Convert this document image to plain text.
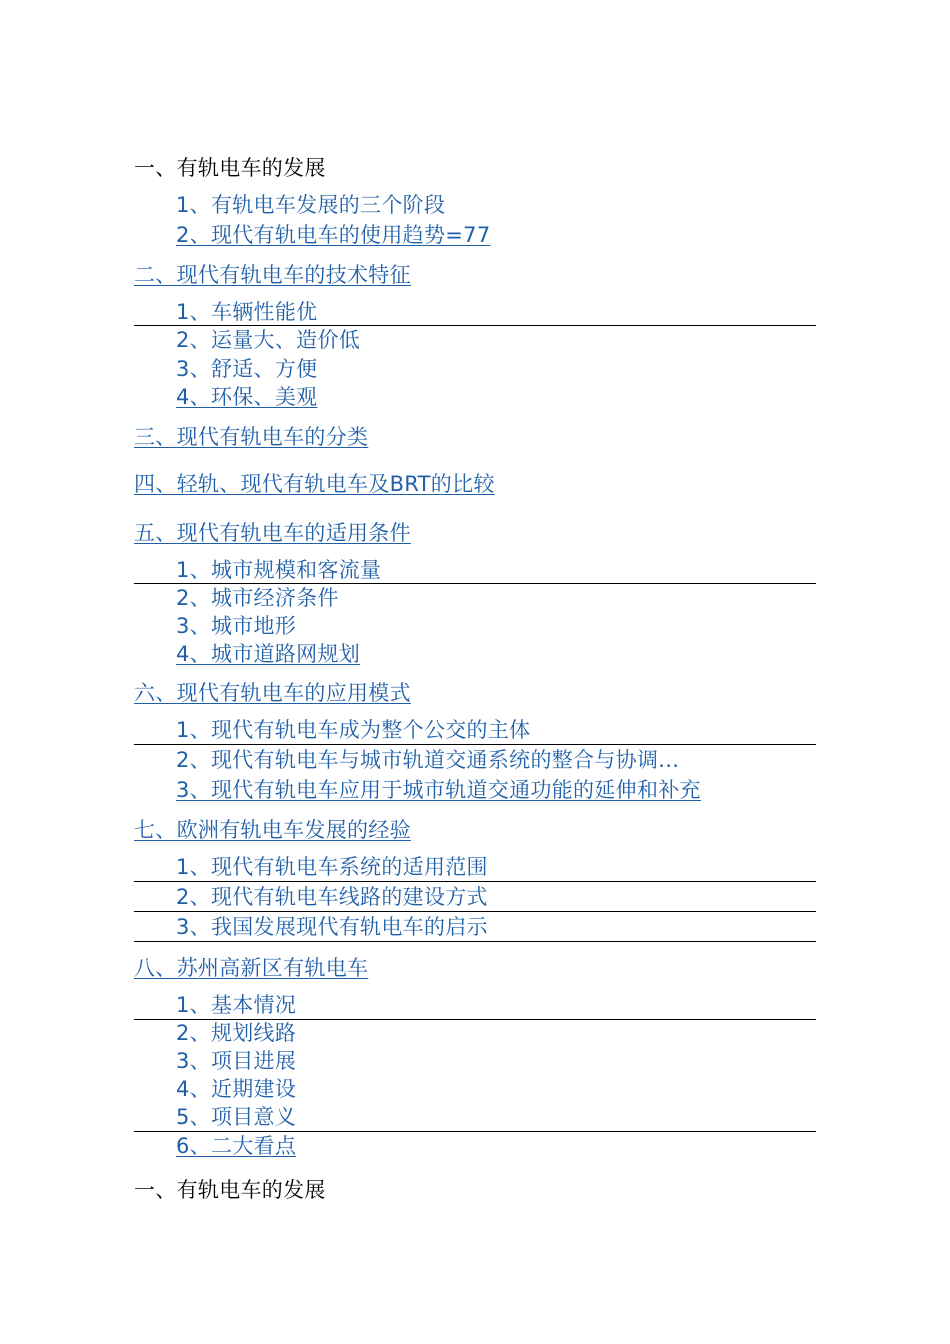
一、有轨电车的发展
1、有轨电车发展的三个阶段
2、现代有轨电车的使用趋势=77
二、现代有轨电车的技术特征
1、车辆性能优
2、运量大、造价低
3、舒适、方便
4、环保、美观
三、现代有轨电车的分类
四、轻轨、现代有轨电车及BRT的比较
五、现代有轨电车的适用条件
1、城市规模和客流量
2、城市经济条件
3、城市地形
4、城市道路网规划
六、现代有轨电车的应用模式
1、现代有轨电车成为整个公交的主体
2、现代有轨电车与城市轨道交通系统的整合与协调...
3、现代有轨电车应用于城市轨道交通功能的延伸和补充
七、欧洲有轨电车发展的经验
1、现代有轨电车系统的适用范围
2、现代有轨电车线路的建设方式
3、我国发展现代有轨电车的启示
八、苏州高新区有轨电车
1、基本情况
2、规划线路
3、项目进展
4、近期建设
5、项目意义
6、二大看点
一、有轨电车的发展
